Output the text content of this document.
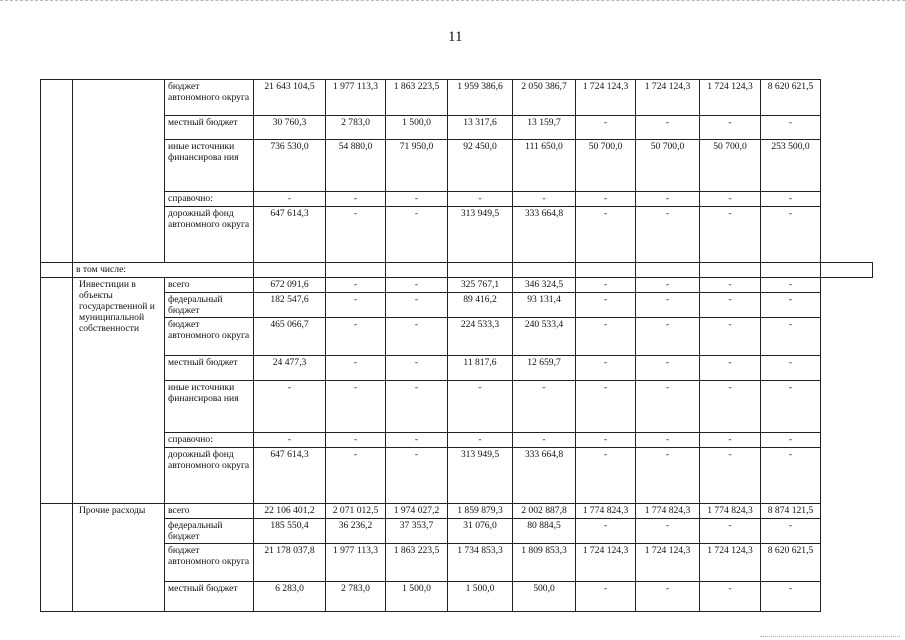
11
		бюджет автономного округа	21 643 104,5	1 977 113,3	1 863 223,5	1 959 386,6	2 050 386,7	1 724 124,3	1 724 124,3	1 724 124,3	8 620 621,5	
		местный бюджет	30 760,3	2 783,0	1 500,0	13 317,6	13 159,7	-	-	-	-	
		иные источники финансирова ния	736 530,0	54 880,0	71 950,0	92 450,0	111 650,0	50 700,0	50 700,0	50 700,0	253 500,0	
		справочно:	-	-	-	-	-	-	-	-	-	
		дорожный фонд автономного округа	647 614,3	-	-	313 949,5	333 664,8	-	-	-	-	
	в том числе:											
	Инвестиции в объекты государственной и муниципальной собственности	всего	672 091,6	-	-	325 767,1	346 324,5	-	-	-	-	
		федеральный бюджет	182 547,6	-	-	89 416,2	93 131,4	-	-	-	-	
		бюджет автономного округа	465 066,7	-	-	224 533,3	240 533,4	-	-	-	-	
		местный бюджет	24 477,3	-	-	11 817,6	12 659,7	-	-	-	-	
		иные источники финансирова ния	-	-	-	-	-	-	-	-	-	
		справочно:	-	-	-	-	-	-	-	-	-	
		дорожный фонд автономного округа	647 614,3	-	-	313 949,5	333 664,8	-	-	-	-	
	Прочие расходы	всего	22 106 401,2	2 071 012,5	1 974 027,2	1 859 879,3	2 002 887,8	1 774 824,3	1 774 824,3	1 774 824,3	8 874 121,5	
		федеральный бюджет	185 550,4	36 236,2	37 353,7	31 076,0	80 884,5	-	-	-	-	
		бюджет автономного округа	21 178 037,8	1 977 113,3	1 863 223,5	1 734 853,3	1 809 853,3	1 724 124,3	1 724 124,3	1 724 124,3	8 620 621,5	
		местный бюджет	6 283,0	2 783,0	1 500,0	1 500,0	500,0	-	-	-	-	
